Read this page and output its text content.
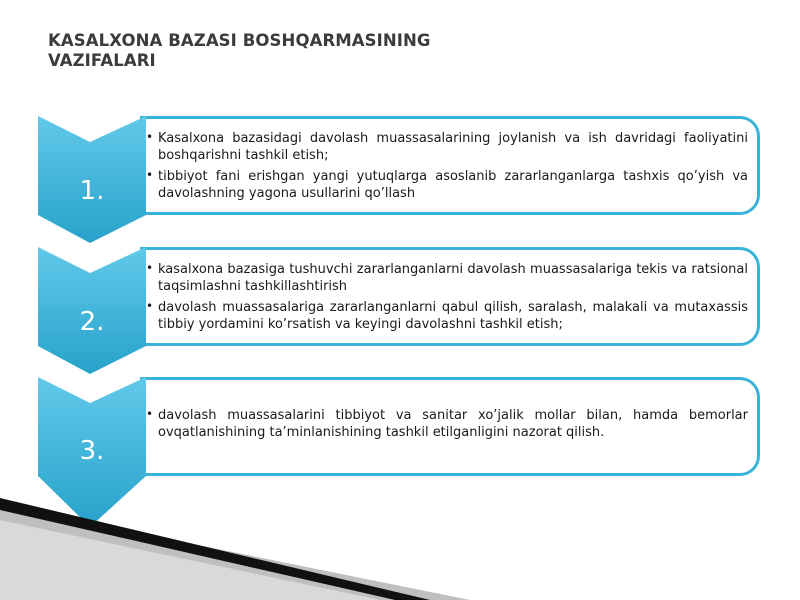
KASALXONA BAZASI BOSHQARMASINING VAZIFALARI
1.
2.
3.
• Kasalxona bazasidagi davolash muassasalarining joylanish va ish davridagi faoliyatini boshqarishni tashkil etish;
• tibbiyot fani erishgan yangi yutuqlarga asoslanib zararlanganlarga tashxis qo’yish va davolashning yagona usullarini qo’llash
• kasalxona bazasiga tushuvchi zararlanganlarni davolash muassasalariga tekis va ratsional taqsimlashni tashkillashtirish
• davolash muassasalariga zararlanganlarni qabul qilish, saralash, malakali va mutaxassis tibbiy yordamini ko’rsatish va keyingi davolashni tashkil etish;
• davolash muassasalarini tibbiyot va sanitar xo’jalik mollar bilan, hamda bemorlar ovqatlanishining ta’minlanishining tashkil etilganligini nazorat qilish.
